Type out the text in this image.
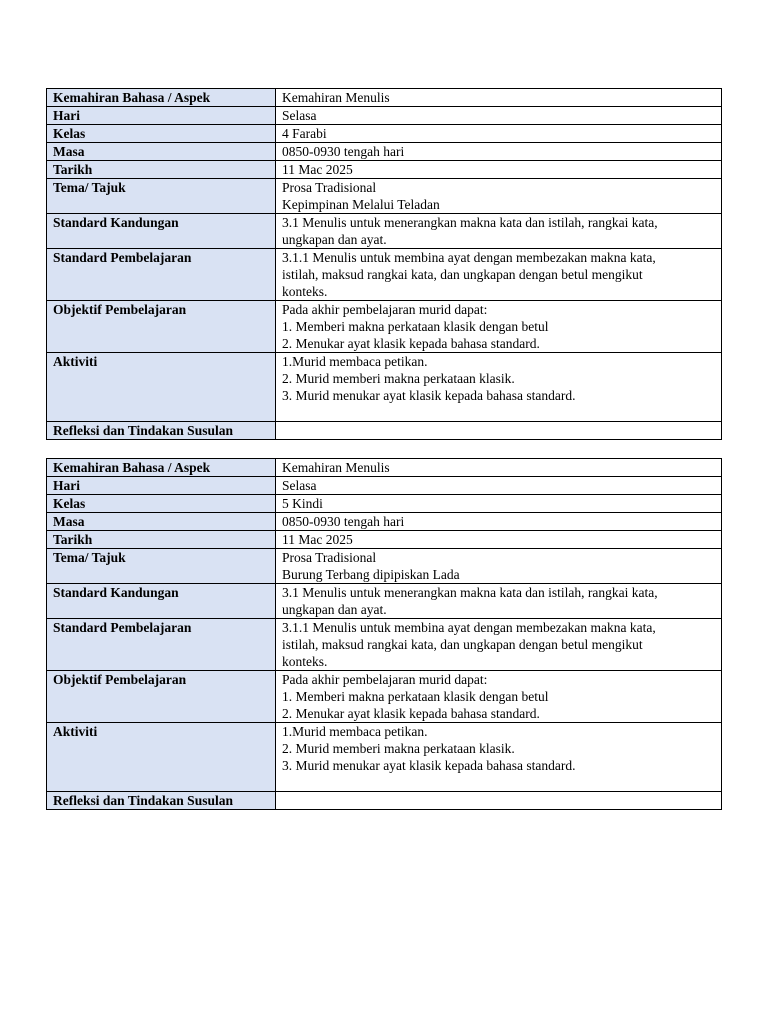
Kemahiran Bahasa / Aspek	Kemahiran Menulis

Hari	Selasa

Kelas	4 Farabi

Masa	0850-0930 tengah hari

Tarikh	11 Mac 2025

Tema/ Tajuk	Prosa Tradisional
Kepimpinan Melalui Teladan

Standard Kandungan	3.1 Menulis untuk menerangkan makna kata dan istilah, rangkai kata,
ungkapan dan ayat.

Standard Pembelajaran	3.1.1 Menulis untuk membina ayat dengan membezakan makna kata,
istilah, maksud rangkai kata, dan ungkapan dengan betul mengikut
konteks.

Objektif Pembelajaran	Pada akhir pembelajaran murid dapat:
1. Memberi makna perkataan klasik dengan betul
2. Menukar ayat klasik kepada bahasa standard.

Aktiviti	1.Murid membaca petikan.
2. Murid memberi makna perkataan klasik.
3. Murid menukar ayat klasik kepada bahasa standard.

Refleksi dan Tindakan Susulan	
Kemahiran Bahasa / Aspek	Kemahiran Menulis

Hari	Selasa

Kelas	5 Kindi

Masa	0850-0930 tengah hari

Tarikh	11 Mac 2025

Tema/ Tajuk	Prosa Tradisional
Burung Terbang dipipiskan Lada

Standard Kandungan	3.1 Menulis untuk menerangkan makna kata dan istilah, rangkai kata,
ungkapan dan ayat.

Standard Pembelajaran	3.1.1 Menulis untuk membina ayat dengan membezakan makna kata,
istilah, maksud rangkai kata, dan ungkapan dengan betul mengikut
konteks.

Objektif Pembelajaran	Pada akhir pembelajaran murid dapat:
1. Memberi makna perkataan klasik dengan betul
2. Menukar ayat klasik kepada bahasa standard.

Aktiviti	1.Murid membaca petikan.
2. Murid memberi makna perkataan klasik.
3. Murid menukar ayat klasik kepada bahasa standard.

Refleksi dan Tindakan Susulan	
